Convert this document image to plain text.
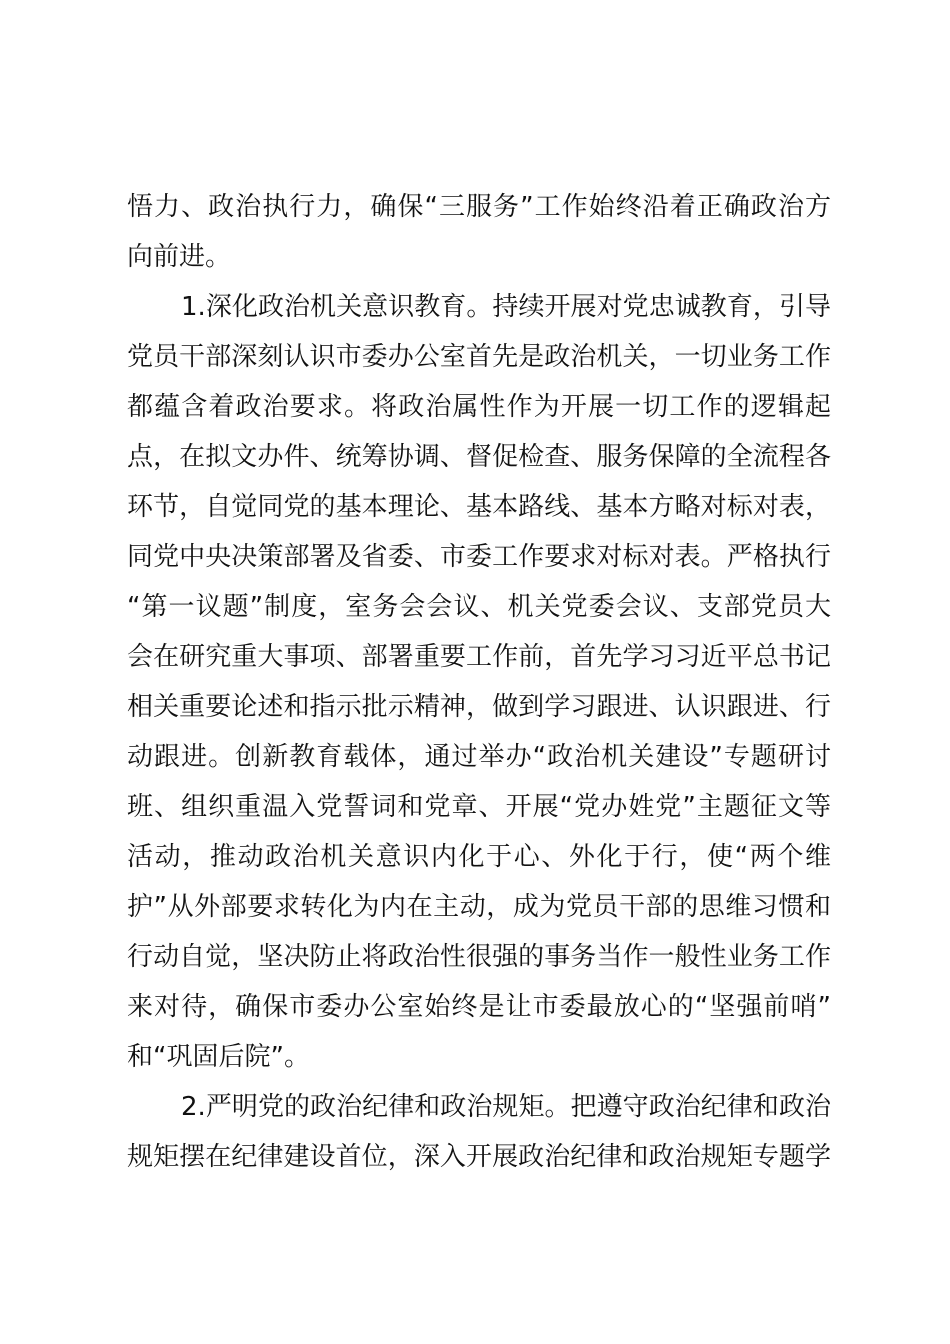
悟力、政治执行力，确保“三服务”工作始终沿着正确政治方
向前进。
1.深化政治机关意识教育。持续开展对党忠诚教育，引导
党员干部深刻认识市委办公室首先是政治机关，一切业务工作
都蕴含着政治要求。将政治属性作为开展一切工作的逻辑起
点，在拟文办件、统筹协调、督促检查、服务保障的全流程各
环节，自觉同党的基本理论、基本路线、基本方略对标对表，
同党中央决策部署及省委、市委工作要求对标对表。严格执行
“第一议题”制度，室务会会议、机关党委会议、支部党员大
会在研究重大事项、部署重要工作前，首先学习习近平总书记
相关重要论述和指示批示精神，做到学习跟进、认识跟进、行
动跟进。创新教育载体，通过举办“政治机关建设”专题研讨
班、组织重温入党誓词和党章、开展“党办姓党”主题征文等
活动，推动政治机关意识内化于心、外化于行，使“两个维
护”从外部要求转化为内在主动，成为党员干部的思维习惯和
行动自觉，坚决防止将政治性很强的事务当作一般性业务工作
来对待，确保市委办公室始终是让市委最放心的“坚强前哨”
和“巩固后院”。
2.严明党的政治纪律和政治规矩。把遵守政治纪律和政治
规矩摆在纪律建设首位，深入开展政治纪律和政治规矩专题学
